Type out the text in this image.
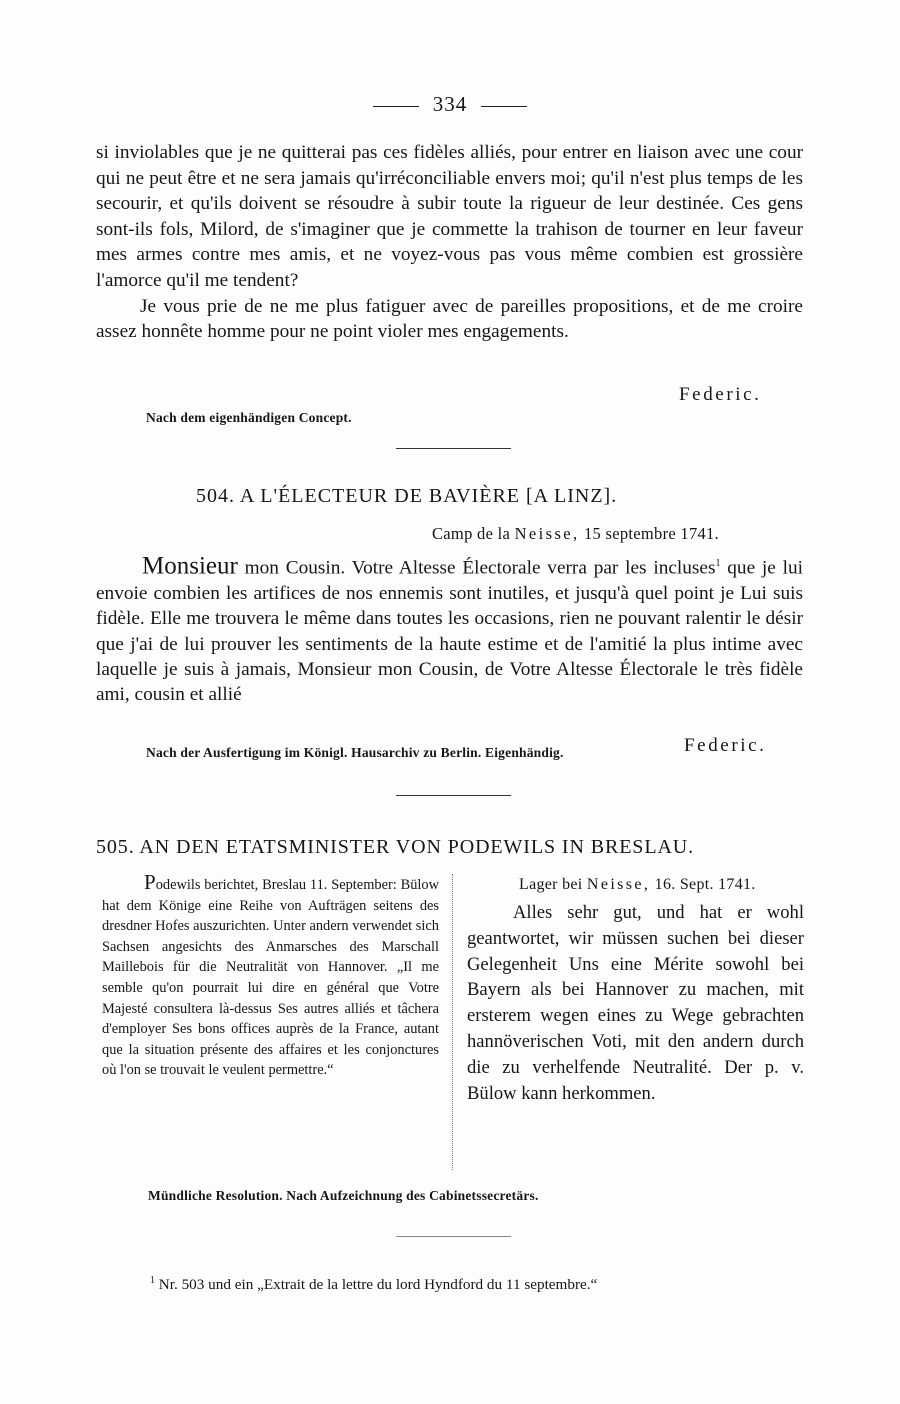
334

si inviolables que je ne quitterai pas ces fidèles alliés, pour entrer en liaison avec une cour qui ne peut être et ne sera jamais qu'irréconciliable envers moi; qu'il n'est plus temps de les secourir, et qu'ils doivent se résoudre à subir toute la rigueur de leur destinée. Ces gens sont-ils fols, Milord, de s'imaginer que je commette la trahison de tourner en leur faveur mes armes contre mes amis, et ne voyez-vous pas vous même combien est grossière l'amorce qu'il me tendent?

Je vous prie de ne me plus fatiguer avec de pareilles propositions, et de me croire assez honnête homme pour ne point violer mes engagements.

Federic.
Nach dem eigenhändigen Concept.
504. A L'ÉLECTEUR DE BAVIÈRE [A LINZ].
Camp de la Neisse, 15 septembre 1741.

Monsieur mon Cousin. Votre Altesse Électorale verra par les incluses$^1$ que je lui envoie combien les artifices de nos ennemis sont inutiles, et jusqu'à quel point je Lui suis fidèle. Elle me trouvera le même dans toutes les occasions, rien ne pouvant ralentir le désir que j'ai de lui prouver les sentiments de la haute estime et de l'amitié la plus intime avec laquelle je suis à jamais, Monsieur mon Cousin, de Votre Altesse Électorale le très fidèle ami, cousin et allié

Nach der Ausfertigung im Königl. Hausarchiv zu Berlin. Eigenhändig.	Federic.
505. AN DEN ETATSMINISTER VON PODEWILS IN BRESLAU.

Podewils berichtet, Breslau 11. September: Bülow hat dem Könige eine Reihe von Aufträgen seitens des dresdner Hofes auszurichten. Unter andern verwendet sich Sachsen angesichts des Anmarsches des Marschall Maillebois für die Neutralität von Hannover. „Il me semble qu'on pourrait lui dire en général que Votre Majesté consultera là-dessus Ses autres alliés et tâchera d'employer Ses bons offices auprès de la France, autant que la situation présente des affaires et les conjonctures où l'on se trouvait le veulent permettre.“

Lager bei Neisse, 16. Sept. 1741.

Alles sehr gut, und hat er wohl geantwortet, wir müssen suchen bei dieser Gelegenheit Uns eine Mérite sowohl bei Bayern als bei Hannover zu machen, mit ersterem wegen eines zu Wege gebrachten hannöverischen Voti, mit den andern durch die zu verhelfende Neutralité. Der p. v. Bülow kann herkommen.

Mündliche Resolution. Nach Aufzeichnung des Cabinetssecretärs.
$^1$ Nr. 503 und ein „Extrait de la lettre du lord Hyndford du 11 septembre.“
